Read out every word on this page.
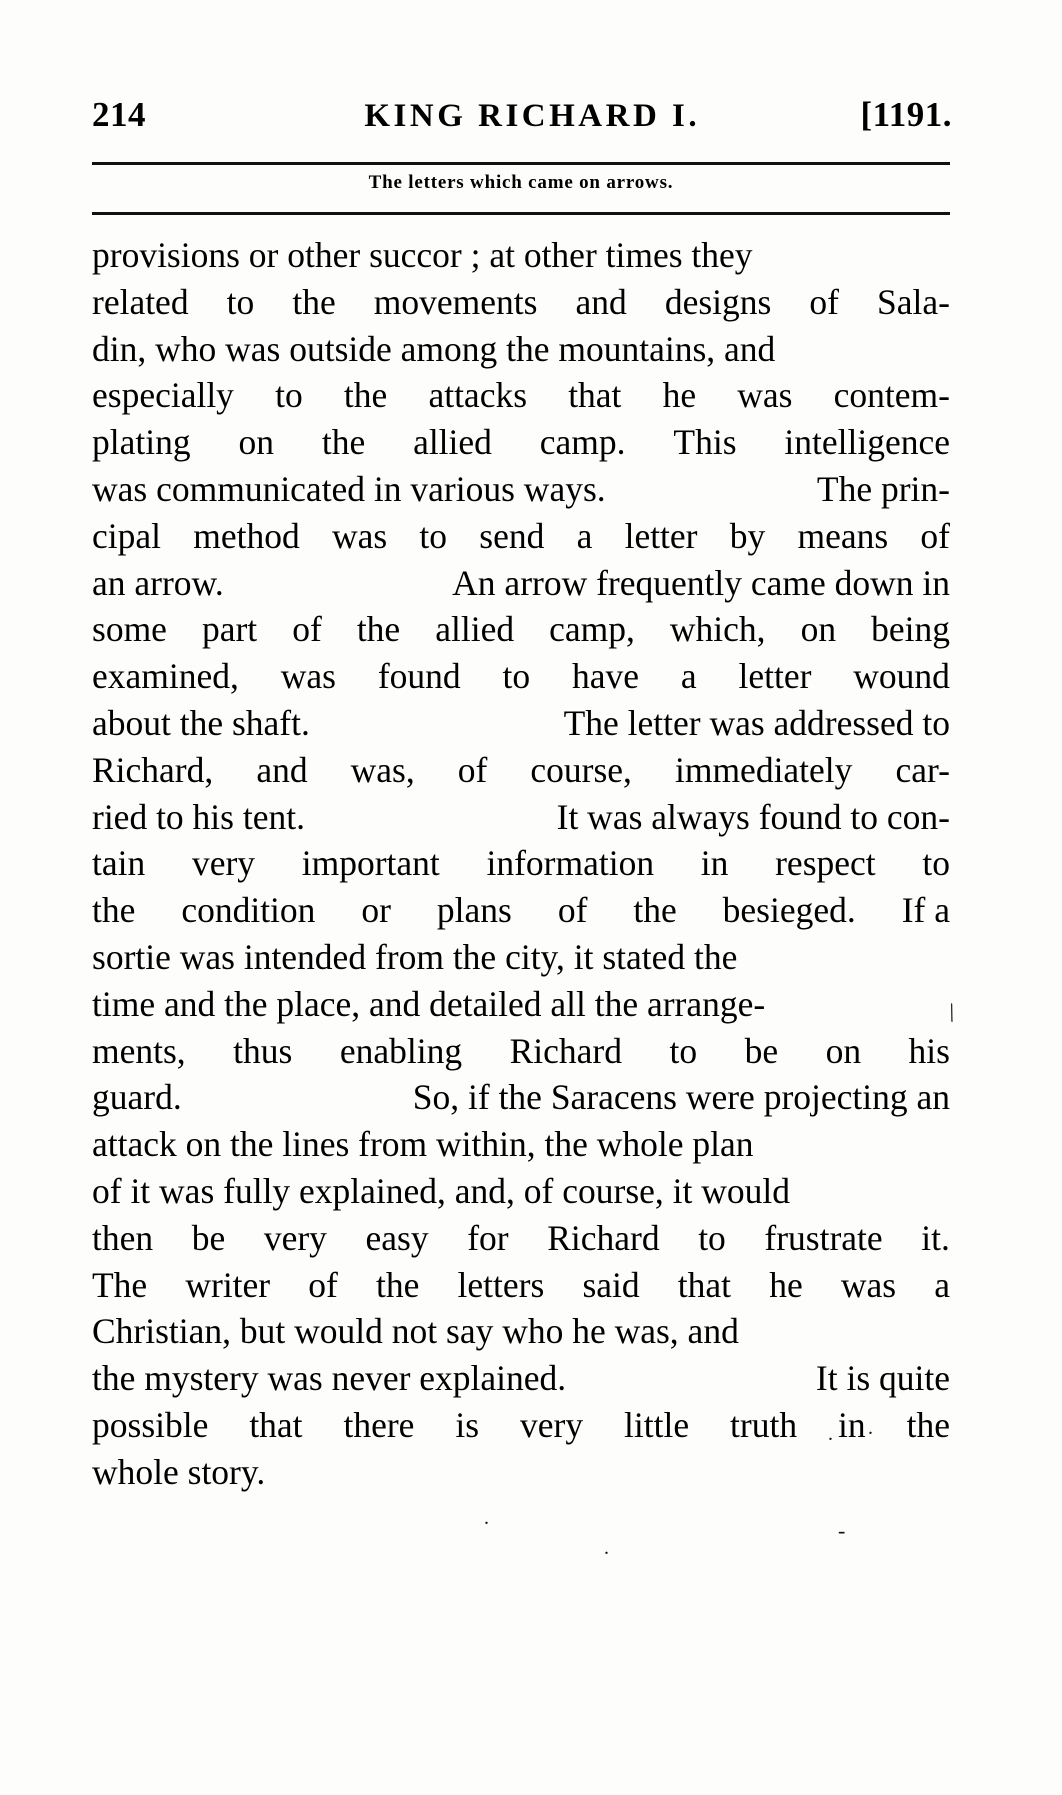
214	KING RICHARD I.	[1191.
The letters which came on arrows.
provisions or other succor ; at other times they
related to the movements and designs of Sala-
din, who was outside among the mountains, and
especially to the attacks that he was contem-
plating on the allied camp. This intelligence
was communicated in various ways.	The prin-
cipal method was to send a letter by means of
an arrow.	An arrow frequently came down in
some part of the allied camp, which, on being
examined, was found to have a letter wound
about the shaft.	The letter was addressed to
Richard, and was, of course, immediately car-
ried to his tent.	It was always found to con-
tain very important information in respect to
the condition or plans of the besieged. If a
sortie was intended from the city, it stated the
time and the place, and detailed all the arrange-
ments, thus enabling Richard to be on his
guard.	So, if the Saracens were projecting an
attack on the lines from within, the whole plan
of it was fully explained, and, of course, it would
then be very easy for Richard to frustrate it.
The writer of the letters said that he was a
Christian, but would not say who he was, and
the mystery was never explained.	It is quite
possible that there is very little truth in the
whole story.
\
. .
.
.
-
